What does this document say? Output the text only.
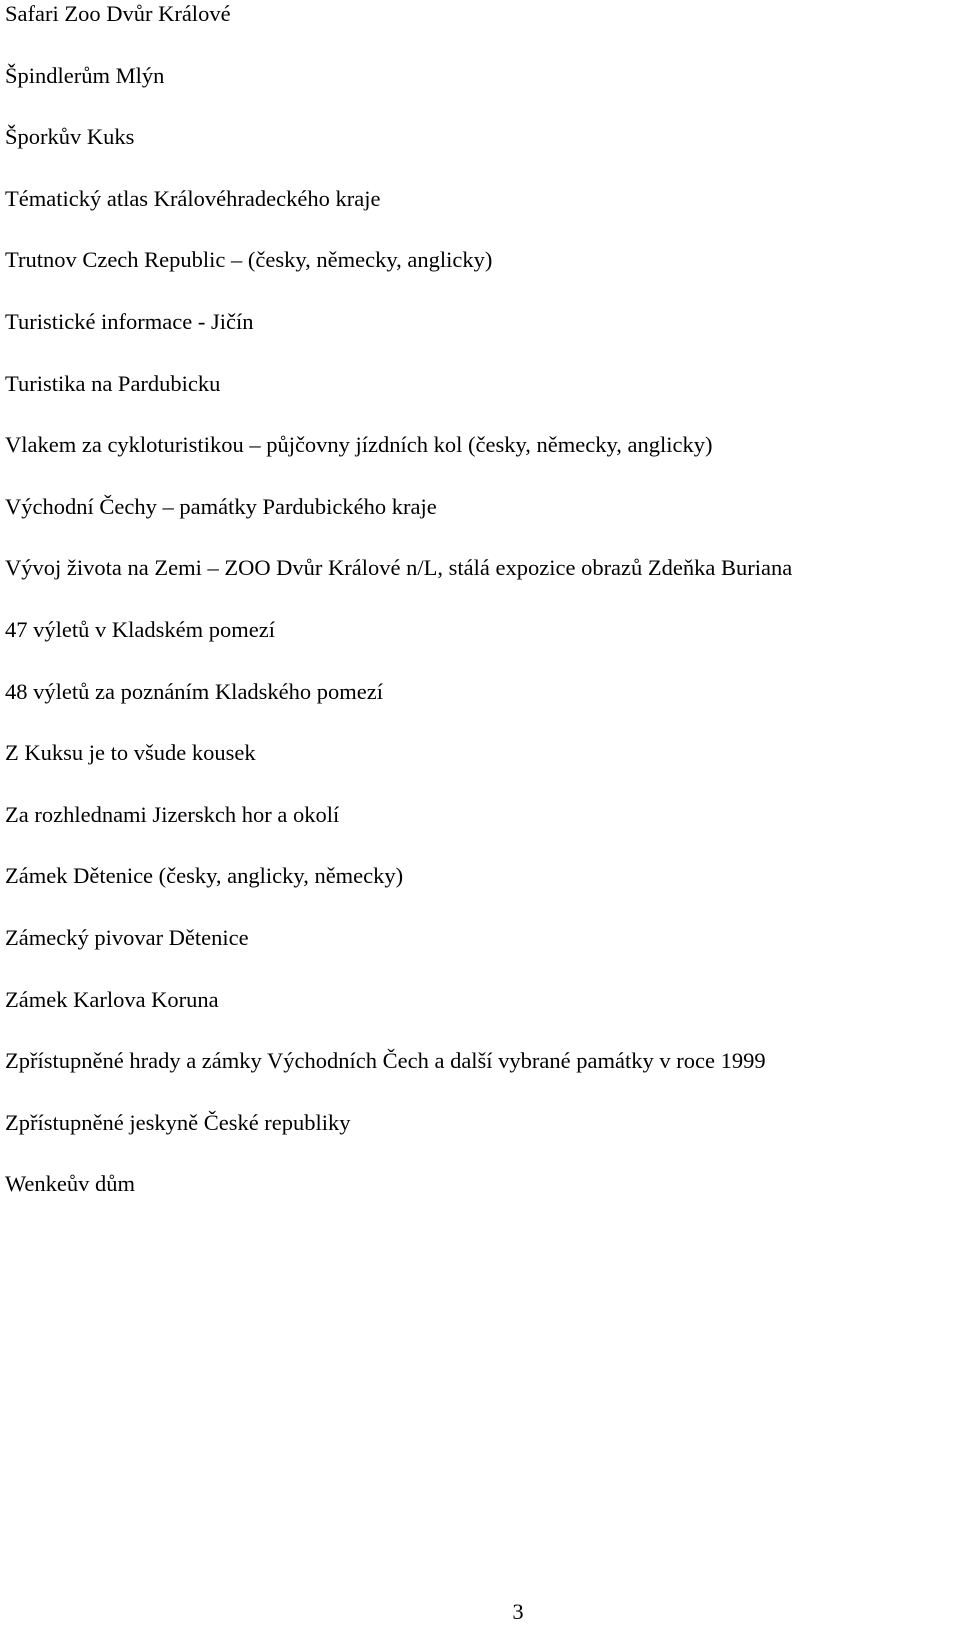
Safari Zoo Dvůr Králové
Špindlerům Mlýn
Šporkův Kuks
Tématický atlas Královéhradeckého kraje
Trutnov Czech Republic – (česky, německy, anglicky)
Turistické informace - Jičín
Turistika na Pardubicku
Vlakem za cykloturistikou – půjčovny jízdních kol (česky, německy, anglicky)
Východní Čechy – památky Pardubického kraje
Vývoj života na Zemi – ZOO Dvůr Králové n/L, stálá expozice obrazů Zdeňka Buriana
47 výletů v Kladském pomezí
48 výletů za poznáním Kladského pomezí
Z Kuksu je to všude kousek
Za rozhlednami Jizerskch hor a okolí
Zámek Dětenice (česky, anglicky, německy)
Zámecký pivovar Dětenice
Zámek Karlova Koruna
Zpřístupněné hrady a zámky Východních Čech a další vybrané památky v roce 1999
Zpřístupněné jeskyně České republiky
Wenkeův dům
3
